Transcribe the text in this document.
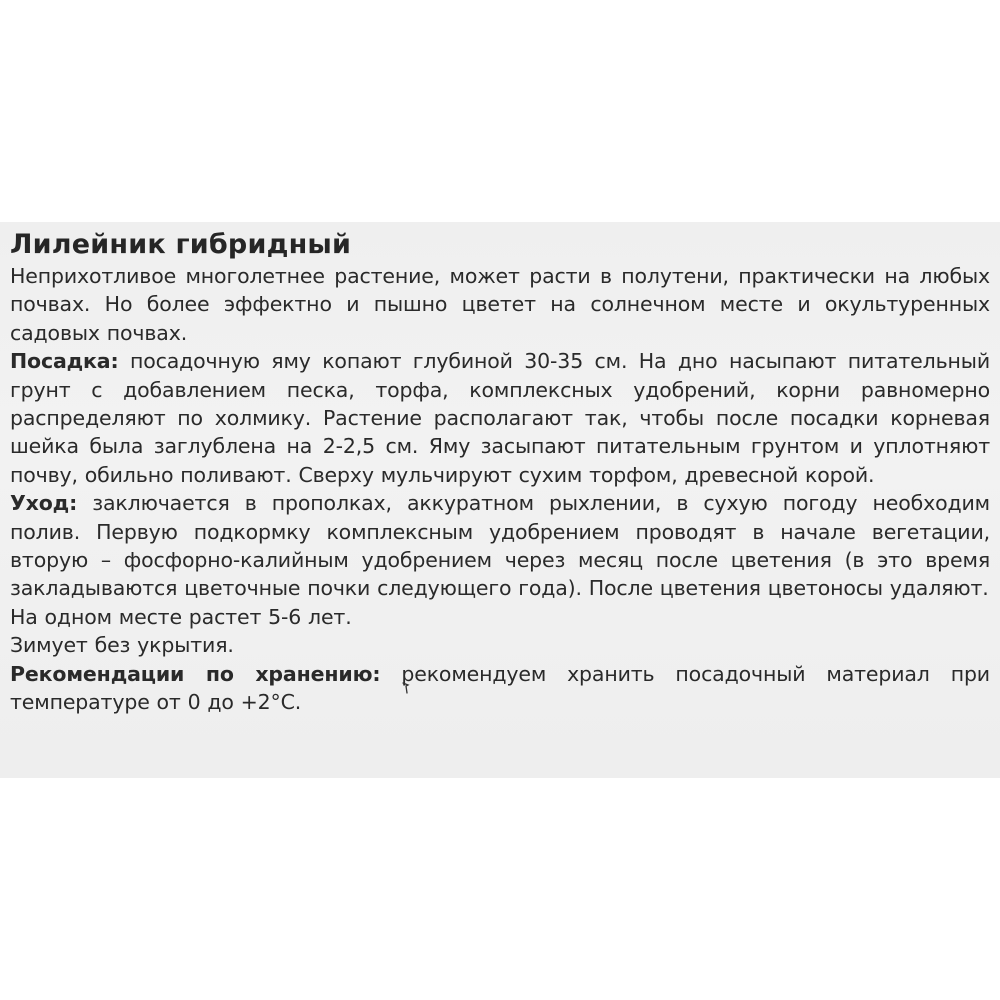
Лилейник гибридный

Неприхотливое многолетнее растение, может расти в полутени, практически на любых почвах. Но более эффектно и пышно цветет на солнечном месте и окультуренных садовых почвах.

Посадка: посадочную яму копают глубиной 30-35 см. На дно насыпают питательный грунт с добавлением песка, торфа, комплексных удобрений, корни равномерно распределяют по холмику. Растение располагают так, чтобы после посадки корневая шейка была заглублена на 2-2,5 см. Яму засыпают питательным грунтом и уплотняют почву, обильно поливают. Сверху мульчируют сухим торфом, древесной корой.

Уход: заключается в прополках, аккуратном рыхлении, в сухую погоду необходим полив. Первую подкормку комплексным удобрением проводят в начале вегетации, вторую – фосфорно-калийным удобрением через месяц после цветения (в это время закладываются цветочные почки следующего года). После цветения цветоносы удаляют.

На одном месте растет 5-6 лет.

Зимует без укрытия.

Рекомендации по хранению: рекомендуем хранить посадочный материал при температуре от 0 до +2°С.
